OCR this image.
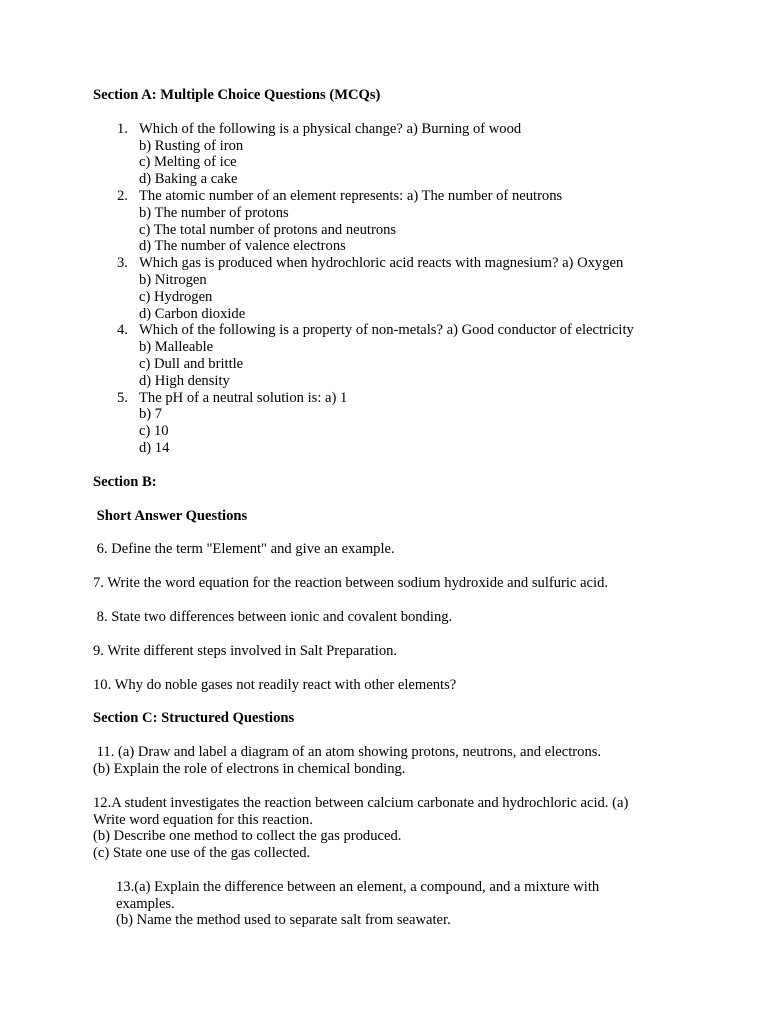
Section A: Multiple Choice Questions (MCQs)
1. Which of the following is a physical change? a) Burning of wood
b) Rusting of iron
c) Melting of ice
d) Baking a cake
2. The atomic number of an element represents: a) The number of neutrons
b) The number of protons
c) The total number of protons and neutrons
d) The number of valence electrons
3. Which gas is produced when hydrochloric acid reacts with magnesium? a) Oxygen
b) Nitrogen
c) Hydrogen
d) Carbon dioxide
4. Which of the following is a property of non-metals? a) Good conductor of electricity
b) Malleable
c) Dull and brittle
d) High density
5. The pH of a neutral solution is: a) 1
b) 7
c) 10
d) 14
Section B:
Short Answer Questions
6. Define the term "Element" and give an example.
7. Write the word equation for the reaction between sodium hydroxide and sulfuric acid.
8. State two differences between ionic and covalent bonding.
9. Write different steps involved in Salt Preparation.
10. Why do noble gases not readily react with other elements?
Section C: Structured Questions
11. (a) Draw and label a diagram of an atom showing protons, neutrons, and electrons.
(b) Explain the role of electrons in chemical bonding.
12.A student investigates the reaction between calcium carbonate and hydrochloric acid. (a)
Write word equation for this reaction.
(b) Describe one method to collect the gas produced.
(c) State one use of the gas collected.
13.(a) Explain the difference between an element, a compound, and a mixture with
examples.
(b) Name the method used to separate salt from seawater.
